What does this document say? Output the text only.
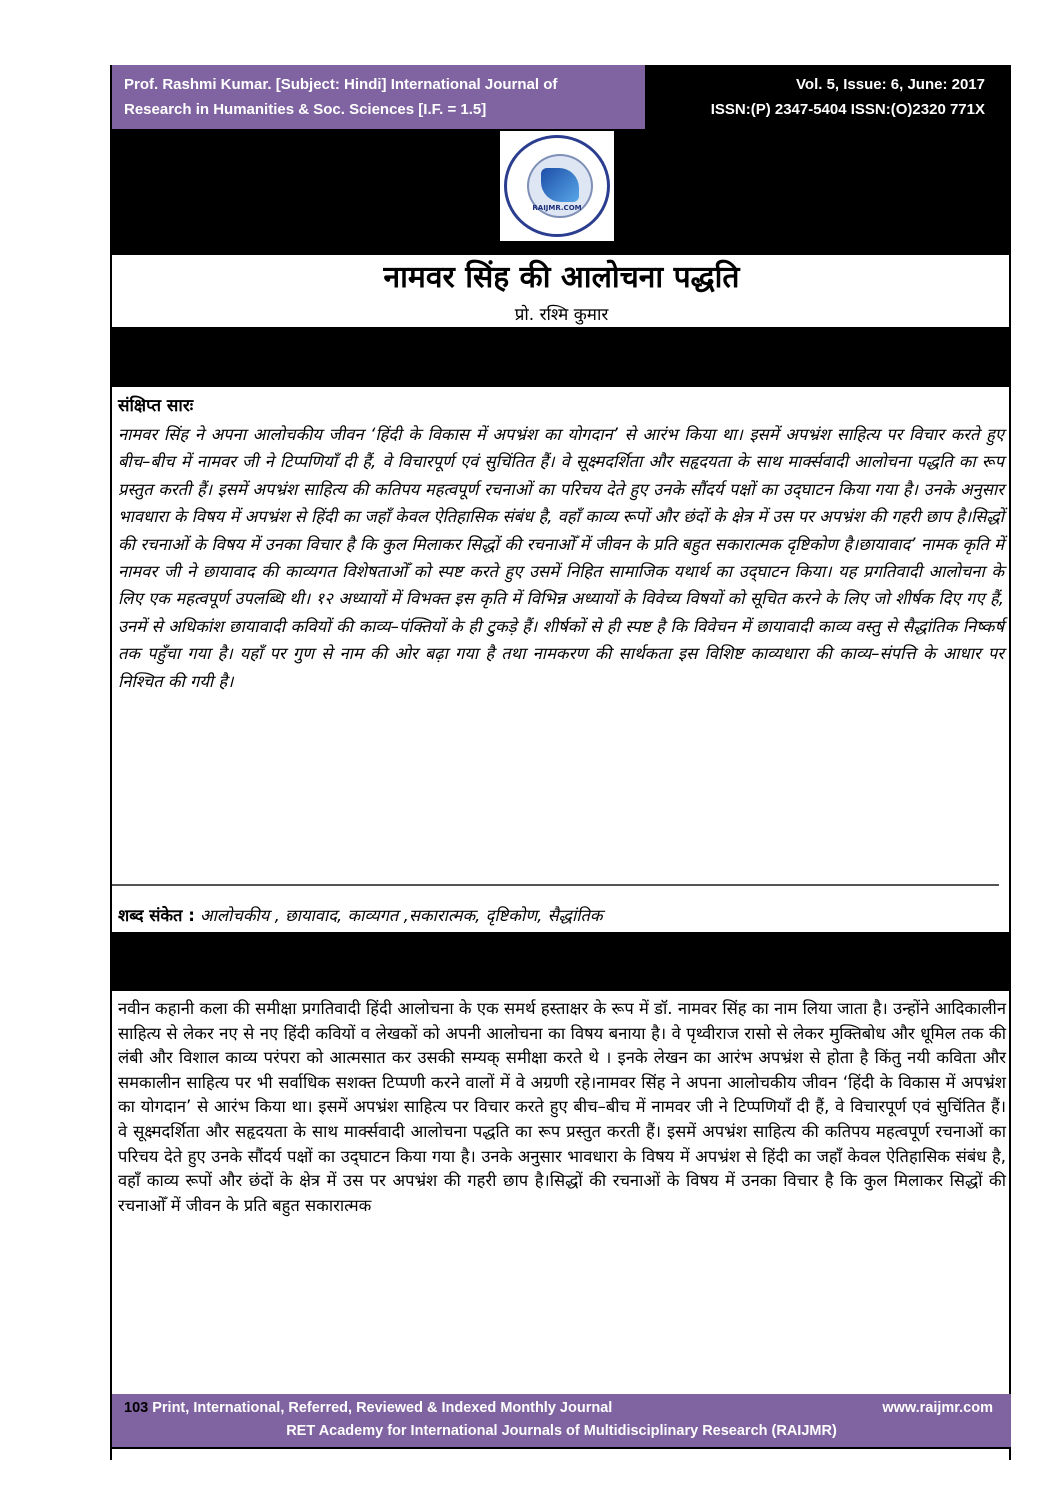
Prof. Rashmi Kumar. [Subject: Hindi] International Journal of
Research in Humanities & Soc. Sciences [I.F. = 1.5]
Vol. 5, Issue: 6, June: 2017
ISSN:(P) 2347-5404 ISSN:(O)2320 771X
RAIJMR.COM
नामवर सिंह की आलोचना पद्धति
प्रो. रश्मि कुमार
संक्षिप्त सारः
नामवर सिंह ने अपना आलोचकीय जीवन ‘हिंदी के विकास में अपभ्रंश का योगदान’ से आरंभ किया था। इसमें अपभ्रंश साहित्य पर विचार करते हुए बीच–बीच में नामवर जी ने टिप्पणियाँ दी हैं, वे विचारपूर्ण एवं सुचिंतित हैं। वे सूक्ष्मदर्शिता और सहृदयता के साथ मार्क्सवादी आलोचना पद्धति का रूप प्रस्तुत करती हैं। इसमें अपभ्रंश साहित्य की कतिपय महत्वपूर्ण रचनाओं का परिचय देते हुए उनके सौंदर्य पक्षों का उद्‌घाटन किया गया है। उनके अनुसार भावधारा के विषय में अपभ्रंश से हिंदी का जहाँ केवल ऐतिहासिक संबंध है, वहाँ काव्य रूपों और छंदों के क्षेत्र में उस पर अपभ्रंश की गहरी छाप है।सिद्धों की रचनाओं के विषय में उनका विचार है कि कुल मिलाकर सिद्धों की रचनाओँ में जीवन के प्रति बहुत सकारात्मक दृष्टिकोण है।छायावाद’ नामक कृति में नामवर जी ने छायावाद की काव्यगत विशेषताओँ को स्पष्ट करते हुए उसमें निहित सामाजिक यथार्थ का उद्‌घाटन किया। यह प्रगतिवादी आलोचना के लिए एक महत्वपूर्ण उपलब्धि थी। १२ अध्यायों में विभक्त इस कृति में विभिन्न अध्यायों के विवेच्य विषयों को सूचित करने के लिए जो शीर्षक दिए गए हैं, उनमें से अधिकांश छायावादी कवियों की काव्य–पंक्तियों के ही टुकड़े हैं। शीर्षकों से ही स्पष्ट है कि विवेचन में छायावादी काव्य वस्तु से सैद्धांतिक निष्कर्ष तक पहुँचा गया है। यहाँ पर गुण से नाम की ओर बढ़ा गया है तथा नामकरण की सार्थकता इस विशिष्ट काव्यधारा की काव्य–संपत्ति के आधार पर निश्चित की गयी है।
शब्द संकेत : आलोचकीय , छायावाद, काव्यगत ,सकारात्मक, दृष्टिकोण, सैद्धांतिक
नवीन कहानी कला की समीक्षा प्रगतिवादी हिंदी आलोचना के एक समर्थ हस्ताक्षर के रूप में डॉ. नामवर सिंह का नाम लिया जाता है। उन्होंने आदिकालीन साहित्य से लेकर नए से नए हिंदी कवियों व लेखकों को अपनी आलोचना का विषय बनाया है। वे पृथ्वीराज रासो से लेकर मुक्तिबोध और धूमिल तक की लंबी और विशाल काव्य परंपरा को आत्मसात कर उसकी सम्यक् समीक्षा करते थे । इनके लेखन का आरंभ अपभ्रंश से होता है किंतु नयी कविता और समकालीन साहित्य पर भी सर्वाधिक सशक्त टिप्पणी करने वालों में वे अग्रणी रहे।नामवर सिंह ने अपना आलोचकीय जीवन ‘हिंदी के विकास में अपभ्रंश का योगदान’ से आरंभ किया था। इसमें अपभ्रंश साहित्य पर विचार करते हुए बीच–बीच में नामवर जी ने टिप्पणियाँ दी हैं, वे विचारपूर्ण एवं सुचिंतित हैं। वे सूक्ष्मदर्शिता और सहृदयता के साथ मार्क्सवादी आलोचना पद्धति का रूप प्रस्तुत करती हैं। इसमें अपभ्रंश साहित्य की कतिपय महत्वपूर्ण रचनाओं का परिचय देते हुए उनके सौंदर्य पक्षों का उद्‌घाटन किया गया है। उनके अनुसार भावधारा के विषय में अपभ्रंश से हिंदी का जहाँ केवल ऐतिहासिक संबंध है, वहाँ काव्य रूपों और छंदों के क्षेत्र में उस पर अपभ्रंश की गहरी छाप है।सिद्धों की रचनाओं के विषय में उनका विचार है कि कुल मिलाकर सिद्धों की रचनाओँ में जीवन के प्रति बहुत सकारात्मक
103 Print, International, Referred, Reviewed & Indexed Monthly Journal	www.raijmr.com
RET Academy for International Journals of Multidisciplinary Research (RAIJMR)
